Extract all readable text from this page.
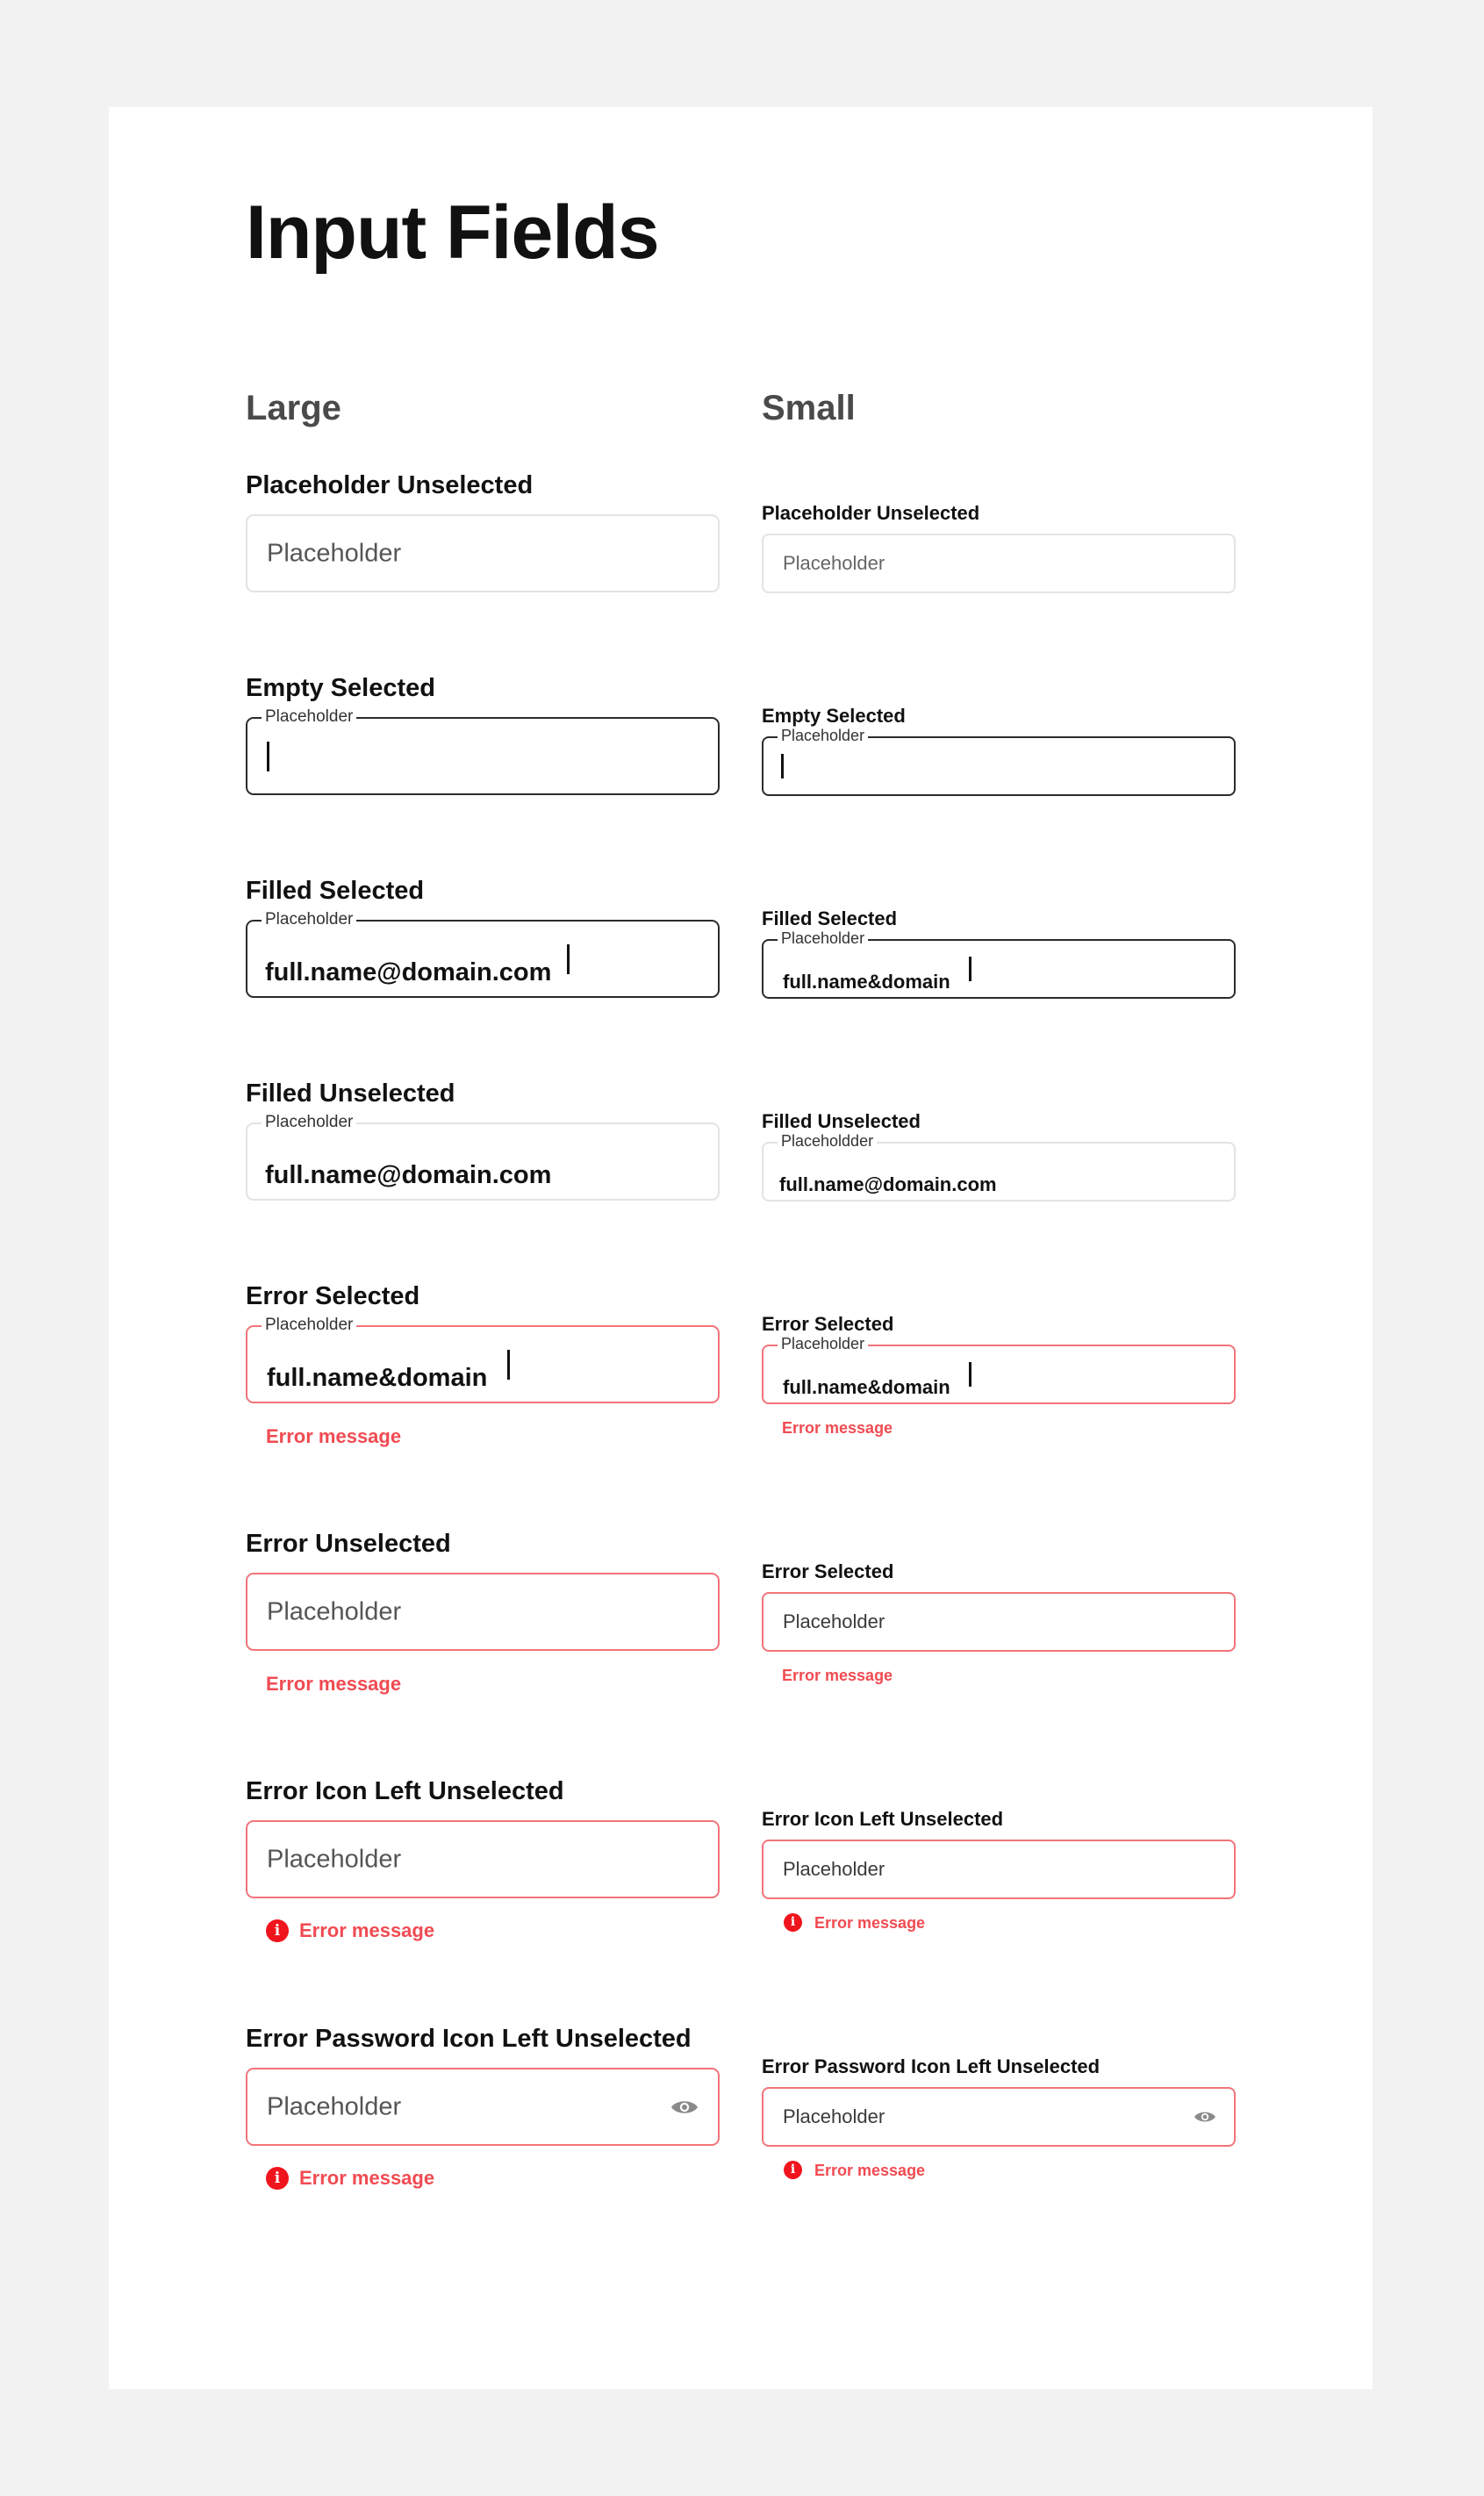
Input Fields
Large	Small
Placeholder Unselected
Placeholder
Empty Selected
Placeholder
Filled Selected
Placeholder
full.name@domain.com
Filled Unselected
Placeholder
full.name@domain.com
Error Selected
Placeholder
full.name&domain
Error message
Error Unselected
Placeholder
Error message
Error Icon Left Unselected
Placeholder
i Error message
Error Password Icon Left Unselected
Placeholder
i Error message
Placeholder Unselected
Placeholder
Empty Selected
Placeholder
Filled Selected
Placeholder
full.name&domain
Filled Unselected
Placeholdder
full.name@domain.com
Error Selected
Placeholder
full.name&domain
Error message
Error Selected
Placeholder
Error message
Error Icon Left Unselected
Placeholder
i	Error message
Error Password Icon Left Unselected
Placeholder
i	Error message
